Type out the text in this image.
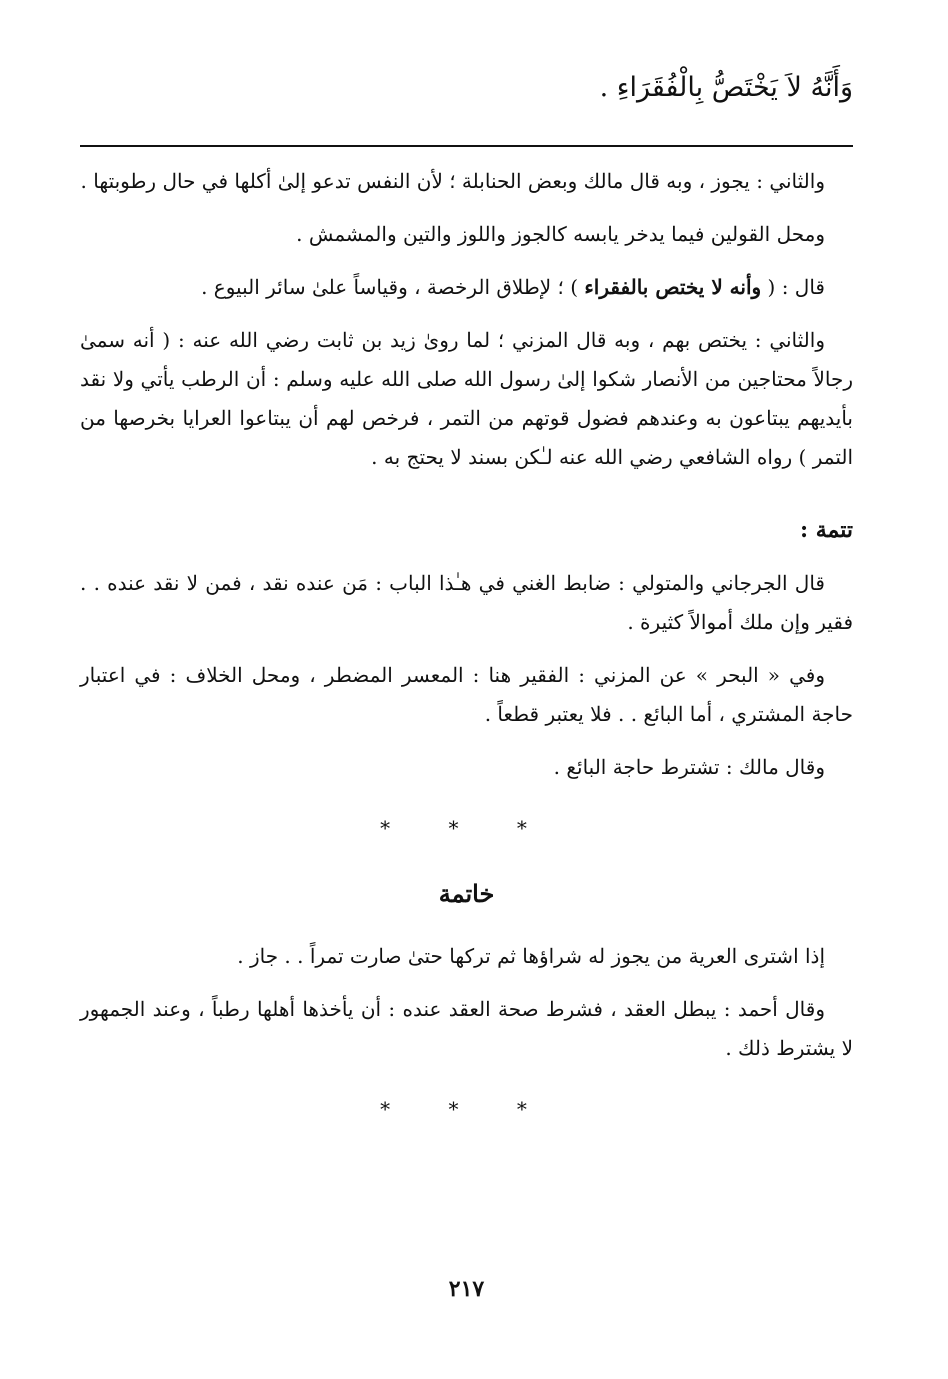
وَأَنَّهُ لاَ يَخْتَصُّ بِالْفُقَرَاءِ .

والثاني : يجوز ، وبه قال مالك وبعض الحنابلة ؛ لأن النفس تدعو إلىٰ أكلها في حال رطوبتها .

ومحل القولين فيما يدخر يابسه كالجوز واللوز والتين والمشمش .

قال : ( وأنه لا يختص بالفقراء ) ؛ لإطلاق الرخصة ، وقياساً علىٰ سائر البيوع .

والثاني : يختص بهم ، وبه قال المزني ؛ لما روىٰ زيد بن ثابت رضي الله عنه : ( أنه سمىٰ رجالاً محتاجين من الأنصار شكوا إلىٰ رسول الله صلى الله عليه وسلم : أن الرطب يأتي ولا نقد بأيديهم يبتاعون به وعندهم فضول قوتهم من التمر ، فرخص لهم أن يبتاعوا العرايا بخرصها من التمر ) رواه الشافعي رضي الله عنه لـٰكن بسند لا يحتج به .

تتمة :

قال الجرجاني والمتولي : ضابط الغني في هـٰذا الباب : مَن عنده نقد ، فمن لا نقد عنده . . فقير وإن ملك أموالاً كثيرة .

وفي « البحر » عن المزني : الفقير هنا : المعسر المضطر ، ومحل الخلاف : في اعتبار حاجة المشتري ، أما البائع . . فلا يعتبر قطعاً .

وقال مالك : تشترط حاجة البائع .

* * *
خاتمة

إذا اشترى العرية من يجوز له شراؤها ثم تركها حتىٰ صارت تمراً . . جاز .

وقال أحمد : يبطل العقد ، فشرط صحة العقد عنده : أن يأخذها أهلها رطباً ، وعند الجمهور لا يشترط ذلك .

* * *
٢١٧
